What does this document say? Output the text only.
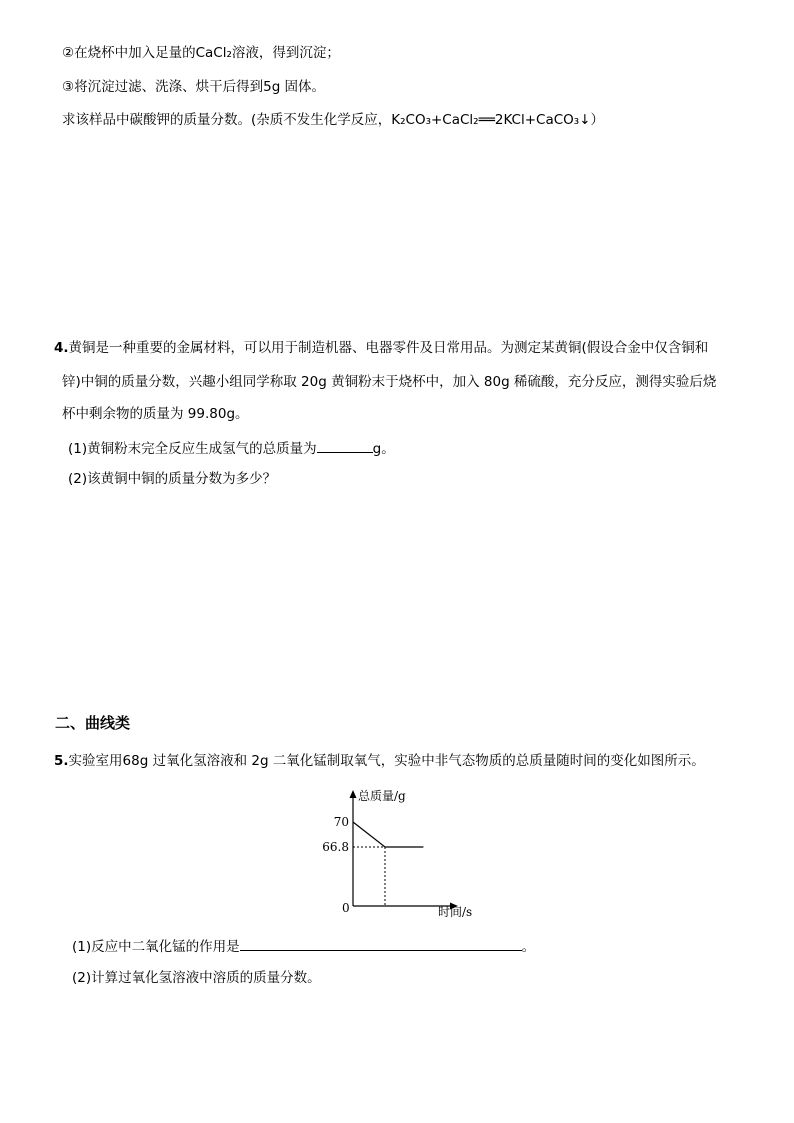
②在烧杯中加入足量的CaCl₂溶液，得到沉淀；
③将沉淀过滤、洗涤、烘干后得到5g 固体。
求该样品中碳酸钾的质量分数。(杂质不发生化学反应，K₂CO₃+CaCl₂══2KCl+CaCO₃↓）
4.黄铜是一种重要的金属材料，可以用于制造机器、电器零件及日常用品。为测定某黄铜(假设合金中仅含铜和
锌)中铜的质量分数，兴趣小组同学称取 20g 黄铜粉末于烧杯中，加入 80g 稀硫酸，充分反应，测得实验后烧
杯中剩余物的质量为 99.80g。
(1)黄铜粉末完全反应生成氢气的总质量为	g。
(2)该黄铜中铜的质量分数为多少？
二、曲线类
5.实验室用68g 过氧化氢溶液和 2g 二氧化锰制取氧气，实验中非气态物质的总质量随时间的变化如图所示。
总质量/g
时间/s
0
70
66.8
(1)反应中二氧化锰的作用是	。
(2)计算过氧化氢溶液中溶质的质量分数。
